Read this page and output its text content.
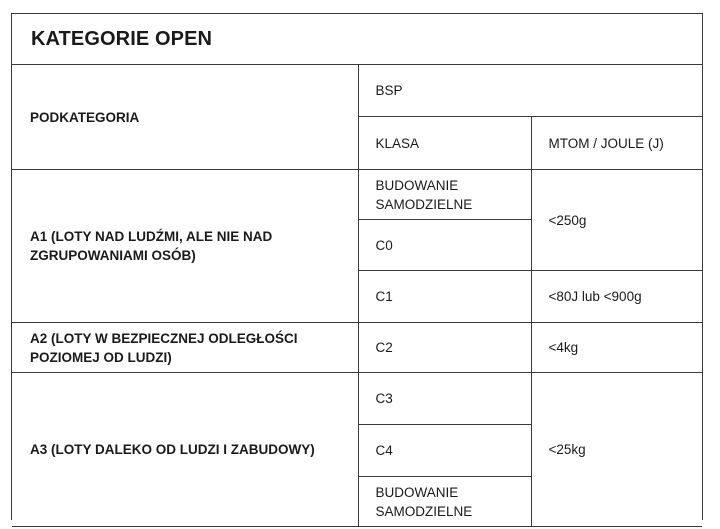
KATEGORIE OPEN
PODKATEGORIA	BSP	
	KLASA	MTOM / JOULE (J)
A1 (LOTY NAD LUDŹMI, ALE NIE NAD ZGRUPOWANIAMI OSÓB)	BUDOWANIE SAMODZIELNE	<250g
	C0	
	C1	<80J lub <900g
A2 (LOTY W BEZPIECZNEJ ODLEGŁOŚCI POZIOMEJ OD LUDZI)	C2	<4kg
A3 (LOTY DALEKO OD LUDZI I ZABUDOWY)	C3	<25kg
	C4	
	BUDOWANIE SAMODZIELNE	
